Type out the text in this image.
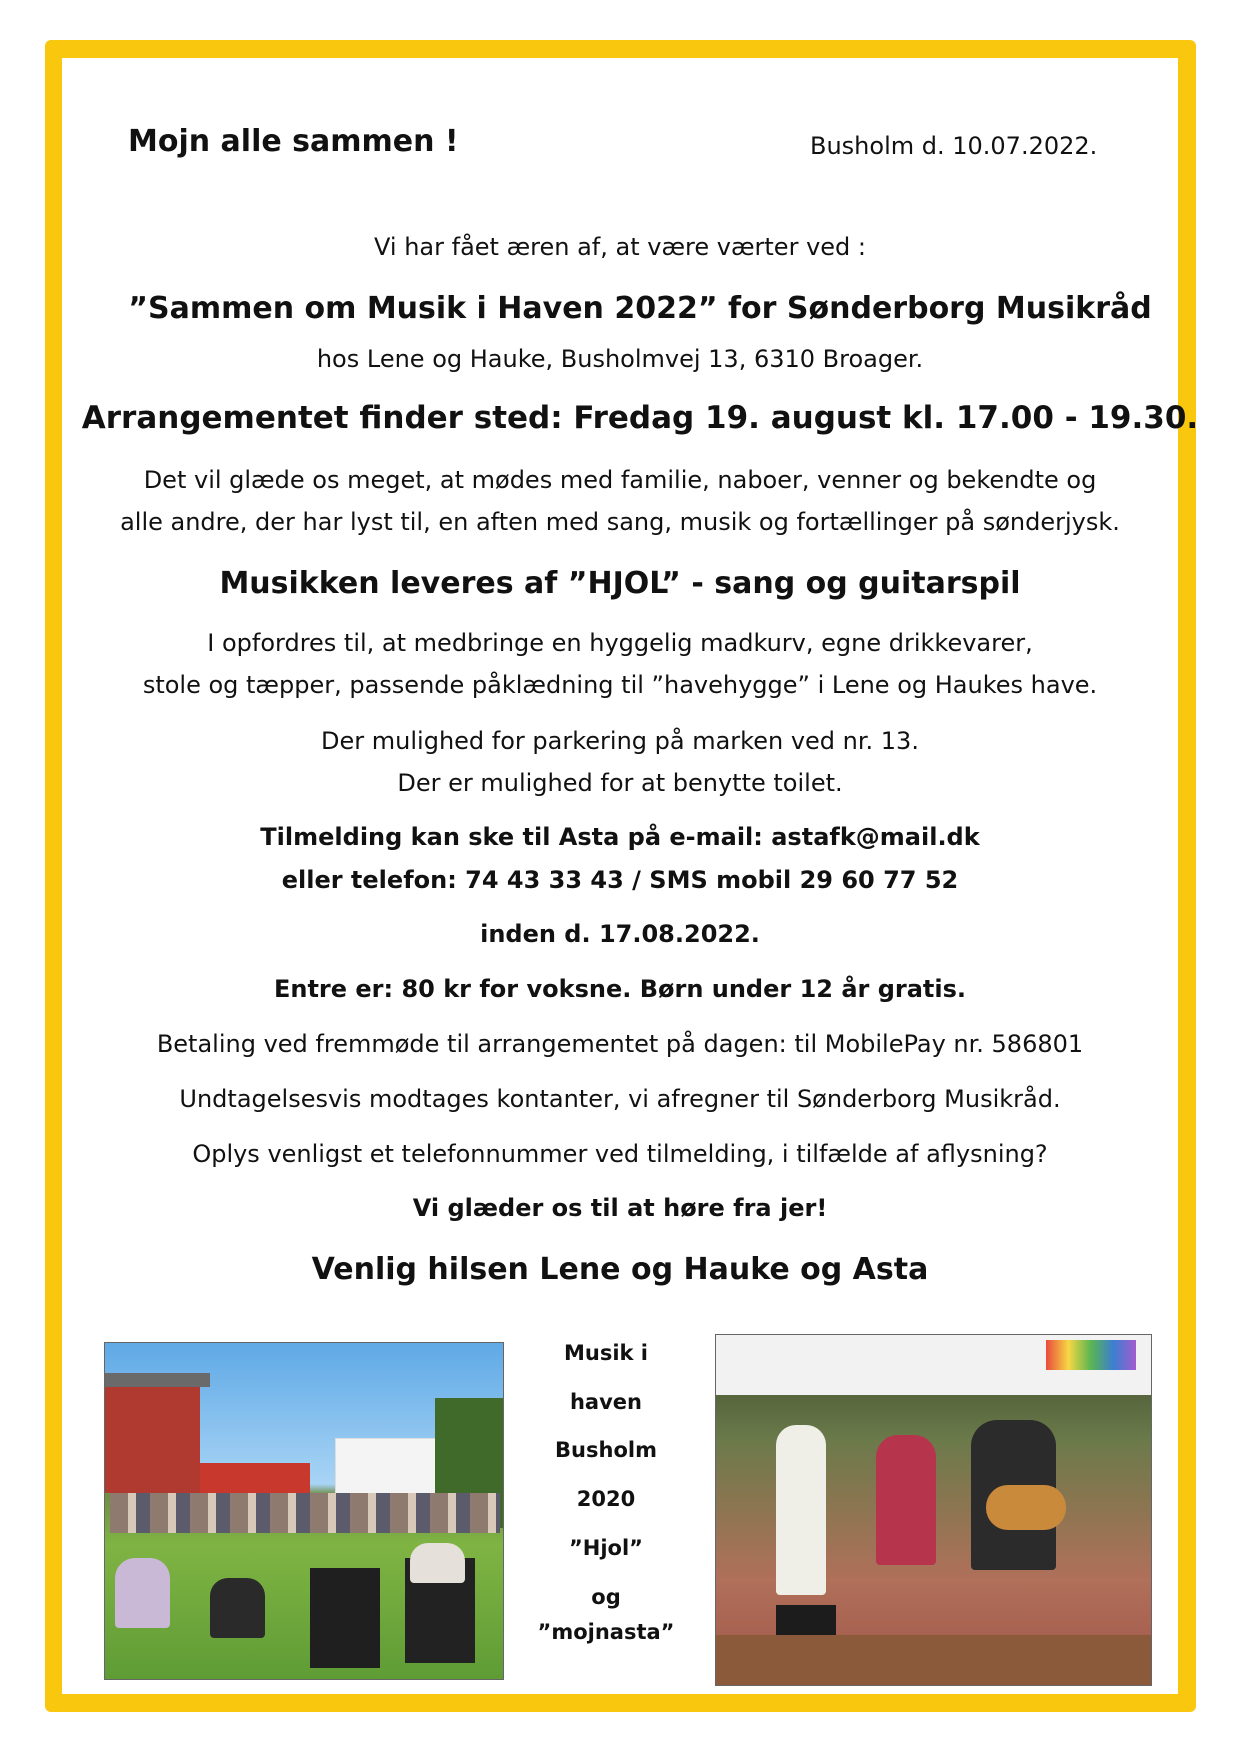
Mojn alle sammen !	Busholm d. 10.07.2022.
Vi har fået æren af, at være værter ved :
”Sammen om Musik i Haven 2022” for Sønderborg Musikråd
hos Lene og Hauke, Busholmvej 13, 6310 Broager.
Arrangementet finder sted: Fredag 19. august kl. 17.00 - 19.30.
Det vil glæde os meget, at mødes med familie, naboer, venner og bekendte og
alle andre, der har lyst til, en aften med sang, musik og fortællinger på sønderjysk.
Musikken leveres af ”HJOL” - sang og guitarspil
I opfordres til, at medbringe en hyggelig madkurv, egne drikkevarer,
stole og tæpper, passende påklædning til ”havehygge” i Lene og Haukes have.
Der mulighed for parkering på marken ved nr. 13.
Der er mulighed for at benytte toilet.
Tilmelding kan ske til Asta på e-mail: astafk@mail.dk
eller telefon: 74 43 33 43 / SMS mobil 29 60 77 52
inden d. 17.08.2022.
Entre er: 80 kr for voksne. Børn under 12 år gratis.
Betaling ved fremmøde til arrangementet på dagen: til MobilePay nr. 586801
Undtagelsesvis modtages kontanter, vi afregner til Sønderborg Musikråd.
Oplys venligst et telefonnummer ved tilmelding, i tilfælde af aflysning?
Vi glæder os til at høre fra jer!
Venlig hilsen Lene og Hauke og Asta
Musik i
haven
Busholm
2020
”Hjol”
og
”mojnasta”
